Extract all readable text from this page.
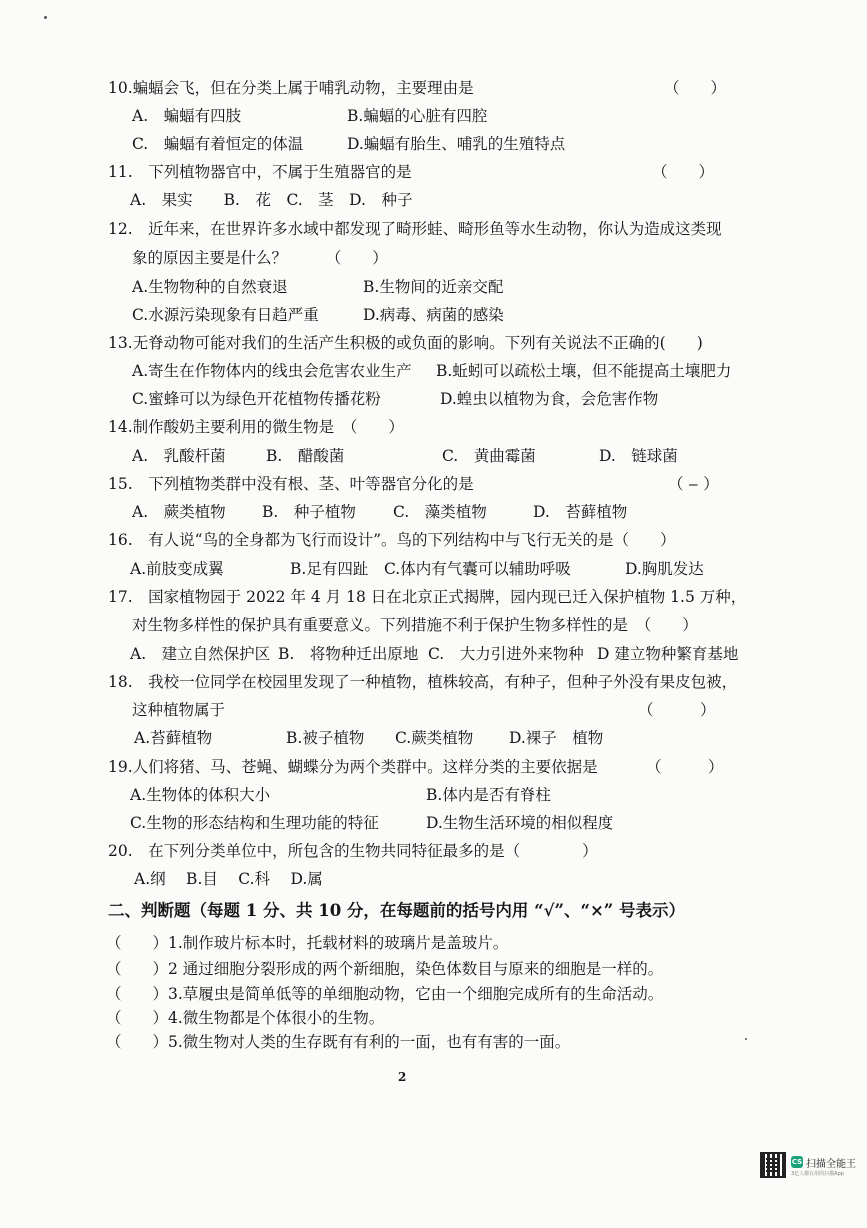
10.蝙蝠会飞，但在分类上属于哺乳动物，主要理由是	（　　）
A.　蝙蝠有四肢	B.蝙蝠的心脏有四腔
C.　蝙蝠有着恒定的体温	D.蝙蝠有胎生、哺乳的生殖特点
11.　下列植物器官中，不属于生殖器官的是	（　　）
A.　果实　　B.　花　C.　茎　D.　种子
12.　近年来，在世界许多水域中都发现了畸形蛙、畸形鱼等水生动物，你认为造成这类现
象的原因主要是什么？　　　（　　）
A.生物物种的自然衰退	B.生物间的近亲交配
C.水源污染现象有日趋严重	D.病毒、病菌的感染
13.无脊动物可能对我们的生活产生积极的或负面的影响。下列有关说法不正确的(　　)
A.寄生在作物体内的线虫会危害农业生产 B.蚯蚓可以疏松土壤，但不能提高土壤肥力
C.蜜蜂可以为绿色开花植物传播花粉	D.蝗虫以植物为食，会危害作物
14.制作酸奶主要利用的微生物是　（　　）
A.　乳酸杆菌	B.　醋酸菌	C.　黄曲霉菌	D.　链球菌
15.　下列植物类群中没有根、茎、叶等器官分化的是	（ ‒ ）
A.　蕨类植物 B.　种子植物 C.　藻类植物	D.　苔藓植物
16.　有人说“鸟的全身都为飞行而设计”。鸟的下列结构中与飞行无关的是（　　）
A.前肢变成翼	B.足有四趾 C.体内有气囊可以辅助呼吸	D.胸肌发达
17.　国家植物园于 2022 年 4 月 18 日在北京正式揭牌，园内现已迁入保护植物 1.5 万种，
对生物多样性的保护具有重要意义。下列措施不利于保护生物多样性的是　（　　）
A.　建立自然保护区 B.　将物种迁出原地 C.　大力引进外来物种 D 建立物种繁育基地
18.　我校一位同学在校园里发现了一种植物，植株较高，有种子，但种子外没有果皮包被，
这种植物属于	（　　　）
A.苔藓植物	B.被子植物 C.蕨类植物 D.裸子　植物
19.人们将猪、马、苍蝇、蝴蝶分为两个类群中。这样分类的主要依据是	（　　　）
A.生物体的体积大小	B.体内是否有脊柱
C.生物的形态结构和生理功能的特征	D.生物生活环境的相似程度
20.　在下列分类单位中，所包含的生物共同特征最多的是（　　　　）
A.纲　 B.目　 C.科　 D.属
二、判断题（每题 1 分、共 10 分，在每题前的括号内用 “√”、“×” 号表示）
（　　）1.制作玻片标本时，托载材料的玻璃片是盖玻片。
（　　）2 通过细胞分裂形成的两个新细胞，染色体数目与原来的细胞是一样的。
（　　）3.草履虫是简单低等的单细胞动物，它由一个细胞完成所有的生命活动。
（　　）4.微生物都是个体很小的生物。
（　　）5.微生物对人类的生存既有有利的一面，也有有害的一面。
2
CS 扫描全能王
3亿人都在用的扫描App
